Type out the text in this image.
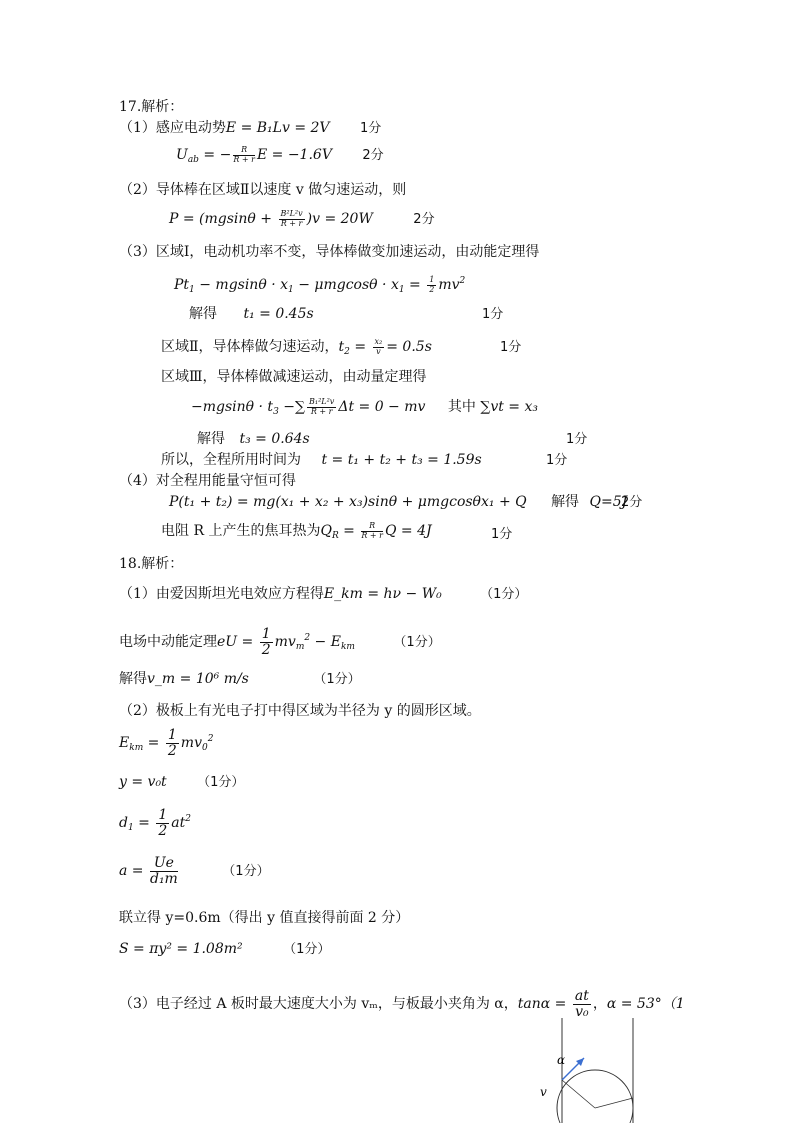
17.解析：
（1）感应电动势E = B₁Lv = 2V 1分
$U_{ab}$ = − $\frac{R}{R + r}$ E = −1.6V 2分
（2）导体棒在区域Ⅱ以速度 v 做匀速运动，则
$P = (mgsin\theta + \frac{\text{B²L²v}}{R + r} )v = 20W$	2分
（3）区域Ⅰ，电动机功率不变，导体棒做变加速运动，由动能定理得
$Pt_1 - mgsin\theta \cdot x_1 - \mu mgcos\theta \cdot x_1 = \frac{1}{2} mv^2$
解得 t₁ = 0.45s	1分
区域Ⅱ，导体棒做匀速运动，$t_2 = \frac{\text{x₂}}{v} = 0.5s$	1分
区域Ⅲ，导体棒做减速运动，由动量定理得
$-mgsin\theta \cdot t_3$ −∑ $\frac{\text{B₁²L²v}}{R + r}$ Δt = 0 − mv 其中 ∑vt = x₃
解得 t₃ = 0.64s	1分
所以，全程所用时间为 t = t₁ + t₂ + t₃ = 1.59s	1分
（4）对全程用能量守恒可得
P(t₁ + t₂) = mg(x₁ + x₂ + x₃)sinθ + μmgcosθx₁ + Q 解得 Q=5J
2分
电阻 R 上产生的焦耳热为$Q_R = \frac{R}{R + r}$ Q = 4J	1分
18.解析：
（1）由爱因斯坦光电效应方程得E_km = hν − W₀	（1分）
电场中动能定理eU = $\frac{1}{2} mv_m^2 - E_{km}$	（1分）
解得v_m = 10⁶ m/s	（1分）
（2）极板上有光电子打中得区域为半径为 y 的圆形区域。
$E_{km} = \frac{1}{2} mv_0^2$
y = v₀t （1分）
$d_1 = \frac{1}{2} at^2$
$a = \frac{Ue}{\text{d₁m}}$	（1分）
联立得 y=0.6m（得出 y 值直接得前面 2 分）
S = πy² = 1.08m²	（1分）
（3）电子经过 A 板时最大速度大小为 vₘ，与板最小夹角为 α，$\tan\alpha = \frac{at}{\text{v₀}}$ ，α = 53°（1
α
v
